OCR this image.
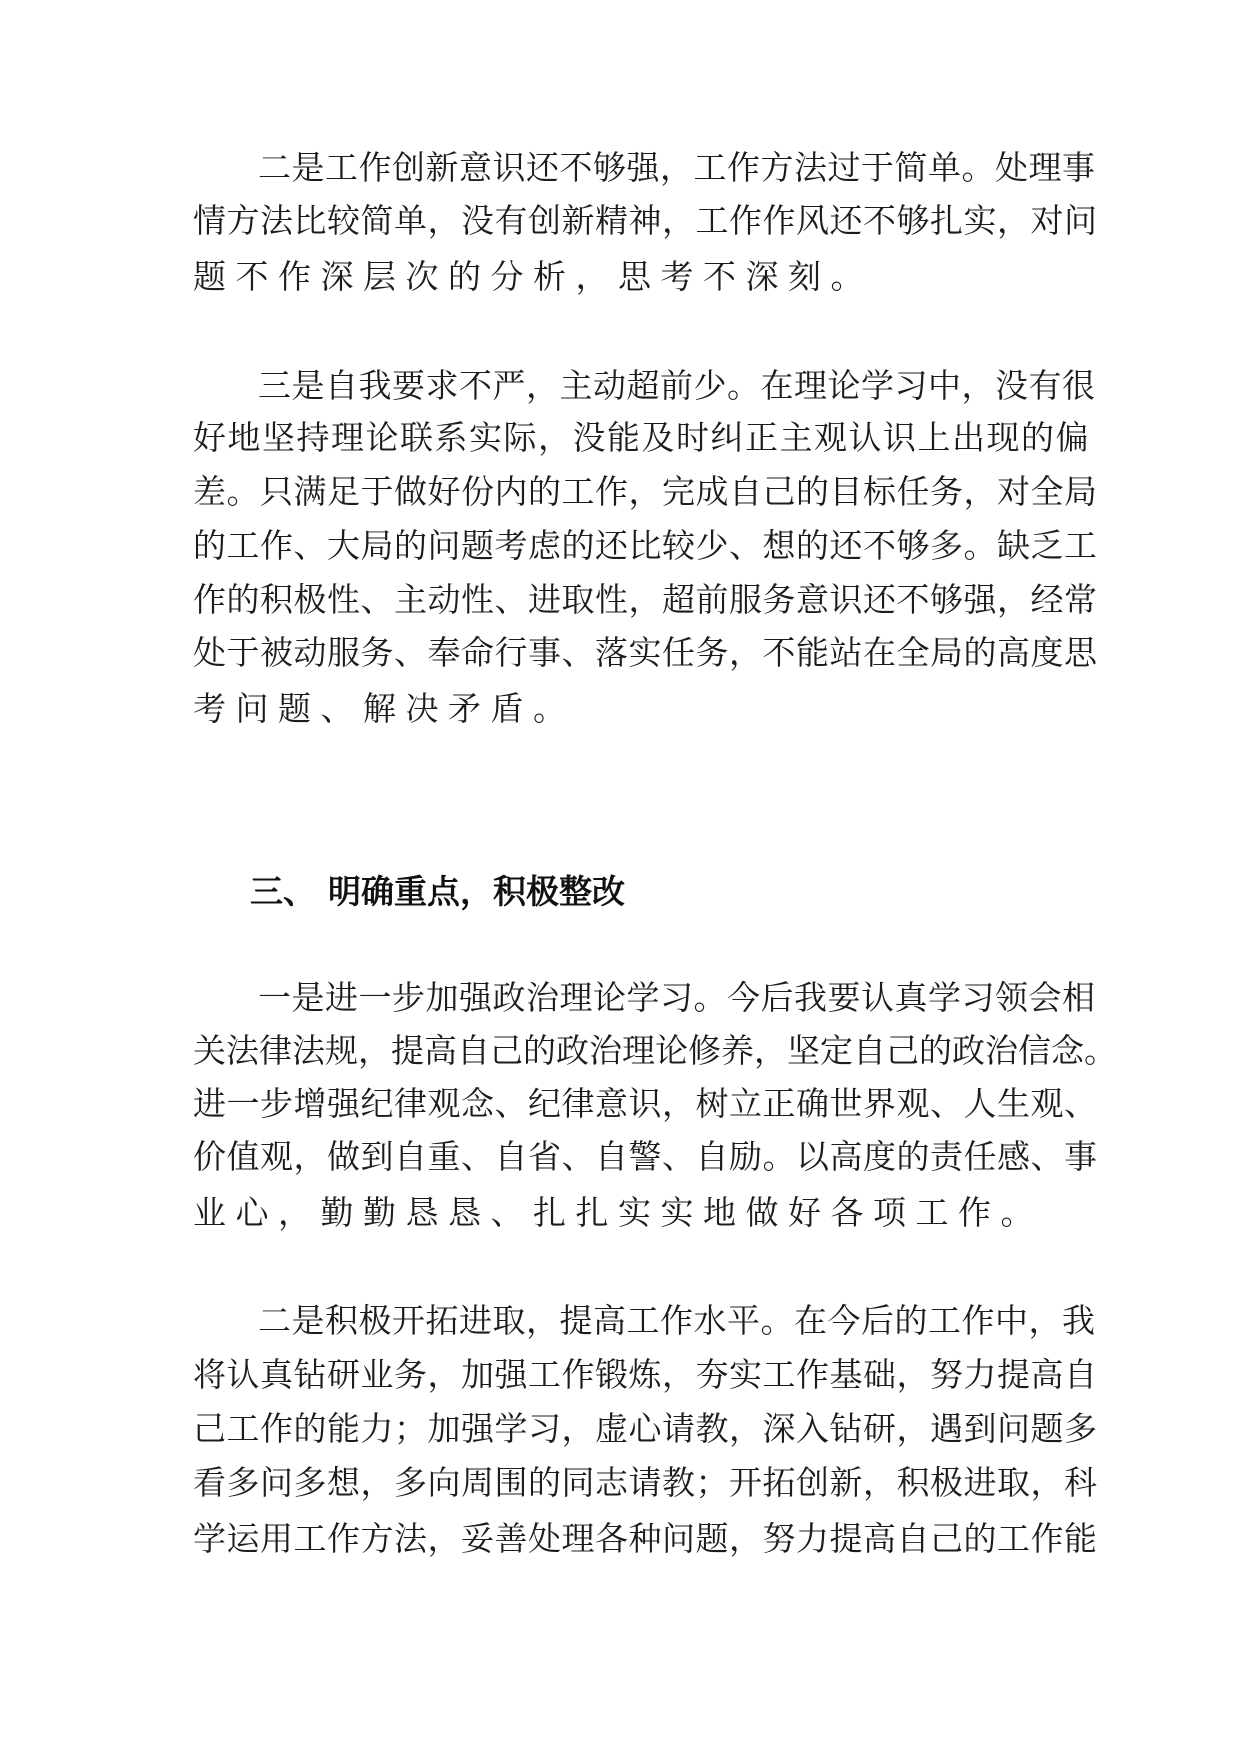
二是工作创新意识还不够强，工作方法过于简单。处理事
情方法比较简单，没有创新精神，工作作风还不够扎实，对问
题不作深层次的分析，思考不深刻。
三是自我要求不严，主动超前少。在理论学习中，没有很
好地坚持理论联系实际，没能及时纠正主观认识上出现的偏
差。只满足于做好份内的工作，完成自己的目标任务，对全局
的工作、大局的问题考虑的还比较少、想的还不够多。缺乏工
作的积极性、主动性、进取性，超前服务意识还不够强，经常
处于被动服务、奉命行事、落实任务，不能站在全局的高度思
考问题、解决矛盾。
三、 明确重点，积极整改
一是进一步加强政治理论学习。今后我要认真学习领会相
关法律法规，提高自己的政治理论修养，坚定自己的政治信念。
进一步增强纪律观念、纪律意识，树立正确世界观、人生观、
价值观，做到自重、自省、自警、自励。以高度的责任感、事
业心，勤勤恳恳、扎扎实实地做好各项工作。
二是积极开拓进取，提高工作水平。在今后的工作中，我
将认真钻研业务，加强工作锻炼，夯实工作基础，努力提高自
己工作的能力；加强学习，虚心请教，深入钻研，遇到问题多
看多问多想，多向周围的同志请教；开拓创新，积极进取，科
学运用工作方法，妥善处理各种问题，努力提高自己的工作能
